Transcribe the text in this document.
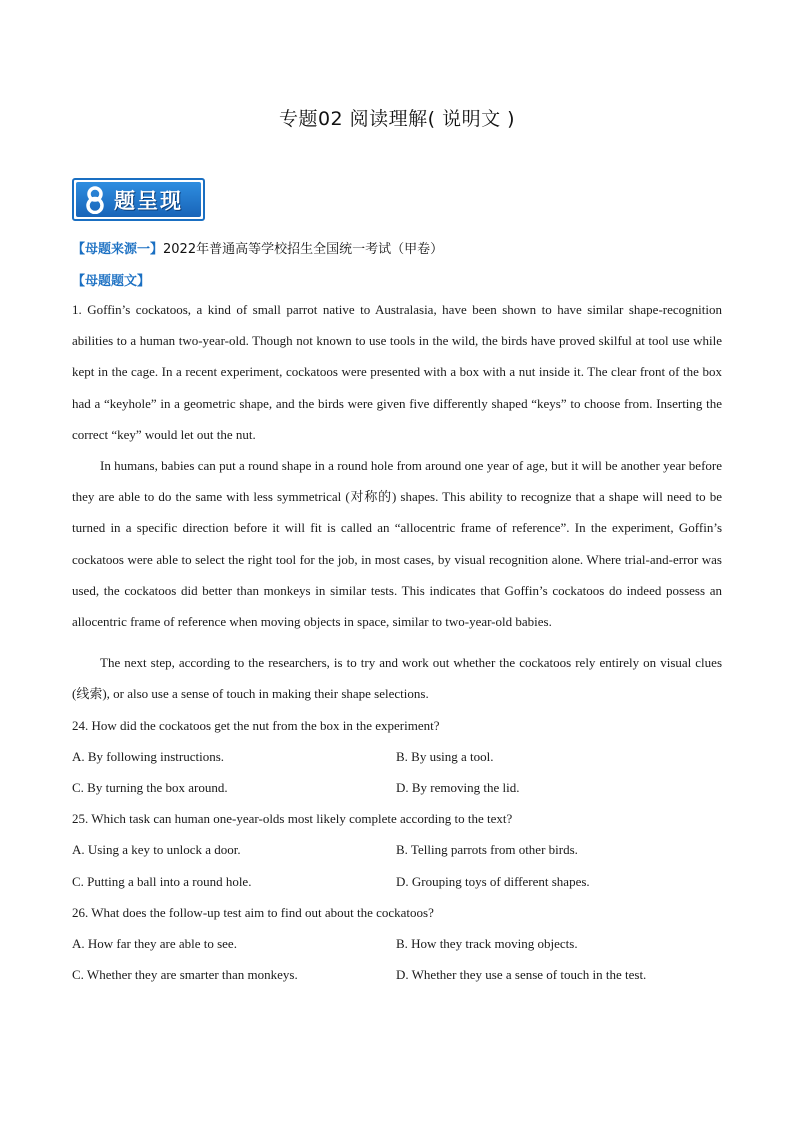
专题02 阅读理解( 说明文 )
题呈现
【母题来源一】2022年普通高等学校招生全国统一考试（甲卷）
【母题题文】

1. Goffin’s cockatoos, a kind of small parrot native to Australasia, have been shown to have similar shape-recognition abilities to a human two-year-old. Though not known to use tools in the wild, the birds have proved skilful at tool use while kept in the cage. In a recent experiment, cockatoos were presented with a box with a nut inside it. The clear front of the box had a “keyhole” in a geometric shape, and the birds were given five differently shaped “keys” to choose from. Inserting the correct “key” would let out the nut.

In humans, babies can put a round shape in a round hole from around one year of age, but it will be another year before they are able to do the same with less symmetrical (对称的) shapes. This ability to recognize that a shape will need to be turned in a specific direction before it will fit is called an “allocentric frame of reference”. In the experiment, Goffin’s cockatoos were able to select the right tool for the job, in most cases, by visual recognition alone. Where trial-and-error was used, the cockatoos did better than monkeys in similar tests. This indicates that Goffin’s cockatoos do indeed possess an allocentric frame of reference when moving objects in space, similar to two-year-old babies.

The next step, according to the researchers, is to try and work out whether the cockatoos rely entirely on visual clues (线索), or also use a sense of touch in making their shape selections.

24. How did the cockatoos get the nut from the box in the experiment?

A. By following instructions.	B. By using a tool.

C. By turning the box around.	D. By removing the lid.

25. Which task can human one-year-olds most likely complete according to the text?

A. Using a key to unlock a door.	B. Telling parrots from other birds.

C. Putting a ball into a round hole.	D. Grouping toys of different shapes.

26. What does the follow-up test aim to find out about the cockatoos?

A. How far they are able to see.	B. How they track moving objects.

C. Whether they are smarter than monkeys.	D. Whether they use a sense of touch in the test.
